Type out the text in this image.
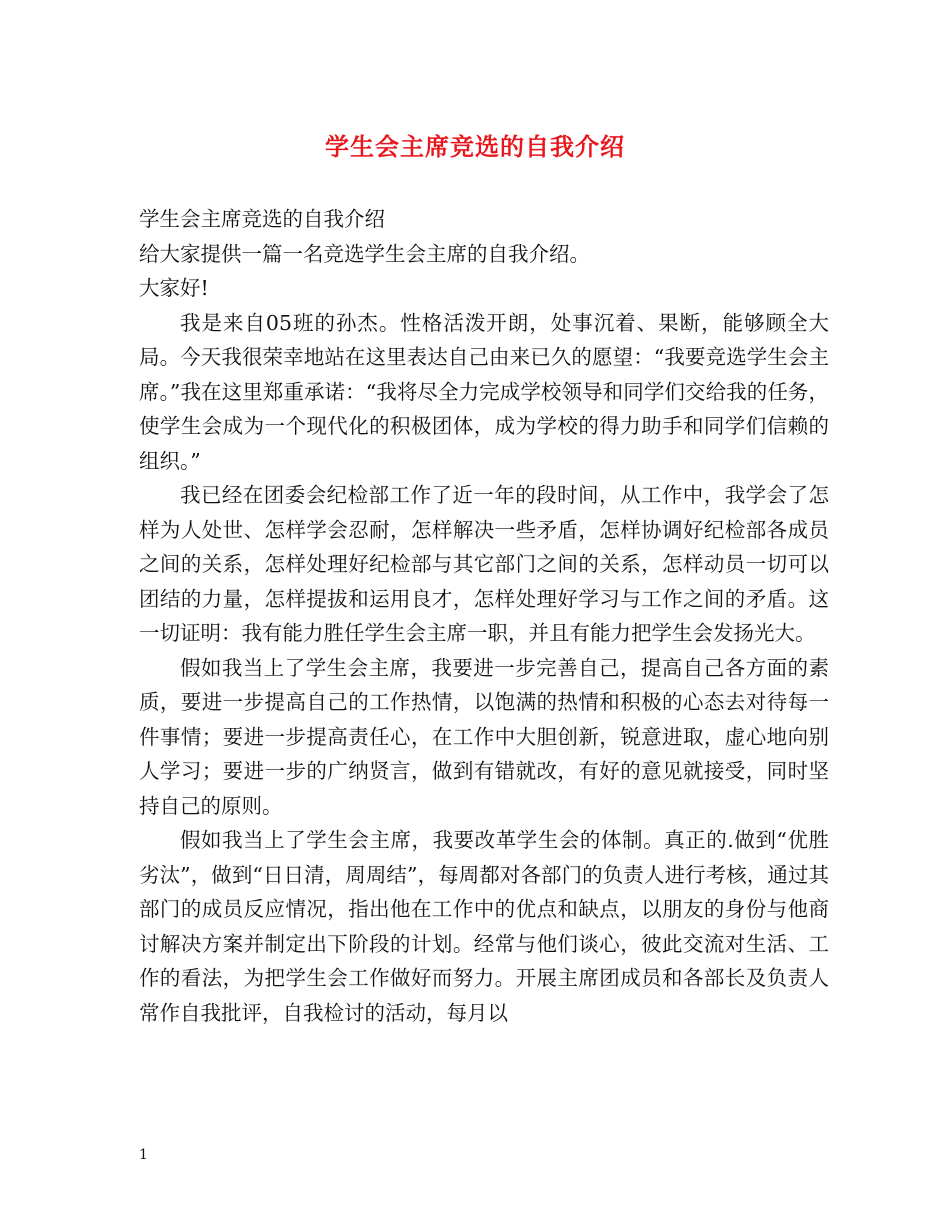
学生会主席竞选的自我介绍

学生会主席竞选的自我介绍

给大家提供一篇一名竞选学生会主席的自我介绍。

大家好!

我是来自05班的孙杰。性格活泼开朗，处事沉着、果断，能够顾全大局。今天我很荣幸地站在这里表达自己由来已久的愿望：“我要竞选学生会主席。”我在这里郑重承诺：“我将尽全力完成学校领导和同学们交给我的任务，使学生会成为一个现代化的积极团体，成为学校的得力助手和同学们信赖的组织。”

我已经在团委会纪检部工作了近一年的段时间，从工作中，我学会了怎样为人处世、怎样学会忍耐，怎样解决一些矛盾，怎样协调好纪检部各成员之间的关系，怎样处理好纪检部与其它部门之间的关系，怎样动员一切可以团结的力量，怎样提拔和运用良才，怎样处理好学习与工作之间的矛盾。这一切证明：我有能力胜任学生会主席一职，并且有能力把学生会发扬光大。

假如我当上了学生会主席，我要进一步完善自己，提高自己各方面的素质，要进一步提高自己的工作热情，以饱满的热情和积极的心态去对待每一件事情；要进一步提高责任心，在工作中大胆创新，锐意进取，虚心地向别人学习；要进一步的广纳贤言，做到有错就改，有好的意见就接受，同时坚持自己的原则。

假如我当上了学生会主席，我要改革学生会的体制。真正的.做到“优胜劣汰”，做到“日日清，周周结”，每周都对各部门的负责人进行考核，通过其部门的成员反应情况，指出他在工作中的优点和缺点，以朋友的身份与他商讨解决方案并制定出下阶段的计划。经常与他们谈心，彼此交流对生活、工作的看法，为把学生会工作做好而努力。开展主席团成员和各部长及负责人常作自我批评，自我检讨的活动，每月以

1
